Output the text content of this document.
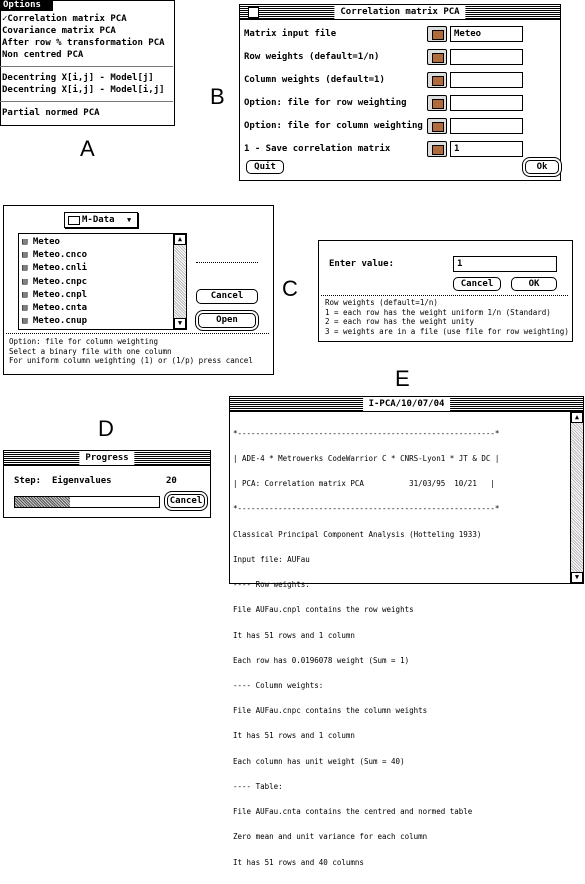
Options
✓Correlation matrix PCA
Covariance matrix PCA
After row % transformation PCA
Non centred PCA
Decentring X[i,j] - Model[j]
Decentring X[i,j] - Model[i,j]
Partial normed PCA
A
Correlation matrix PCA
Matrix input file	Meteo
Row weights (default=1/n)
Column weights (default=1)
Option: file for row weighting
Option: file for column weighting
1 - Save correlation matrix	1
Quit	Ok
B
M-Data ▼
▤ Meteo
▤ Meteo.cnco
▤ Meteo.cnli
▤ Meteo.cnpc
▤ Meteo.cnpl
▤ Meteo.cnta
▤ Meteo.cnup
▲
▼
Cancel
Open
Option: file for column weighting
Select a binary file with one column
For uniform column weighting (1) or (1/p) press cancel
Enter value:	1
Cancel	OK
Row weights (default=1/n)
1 = each row has the weight uniform 1/n (Standard)
2 = each row has the weight unity
3 = weights are in a file (use file for row weighting)
C
D
Progress
Step: Eigenvalues	20
Cancel
E
I-PCA/10/07/04

*---------------------------------------------------------*

| ADE-4 * Metrowerks CodeWarrior C * CNRS-Lyon1 * JT & DC |

| PCA: Correlation matrix PCA          31/03/95  10/21   |

*---------------------------------------------------------*

Classical Principal Component Analysis (Hotteling 1933)

Input file: AUFau

---- Row weights:

File AUFau.cnpl contains the row weights

It has 51 rows and 1 column

Each row has 0.0196078 weight (Sum = 1)

---- Column weights:

File AUFau.cnpc contains the column weights

It has 51 rows and 1 column

Each column has unit weight (Sum = 40)

---- Table:

File AUFau.cnta contains the centred and normed table

Zero mean and unit variance for each column

It has 51 rows and 40 columns

▲
▼
